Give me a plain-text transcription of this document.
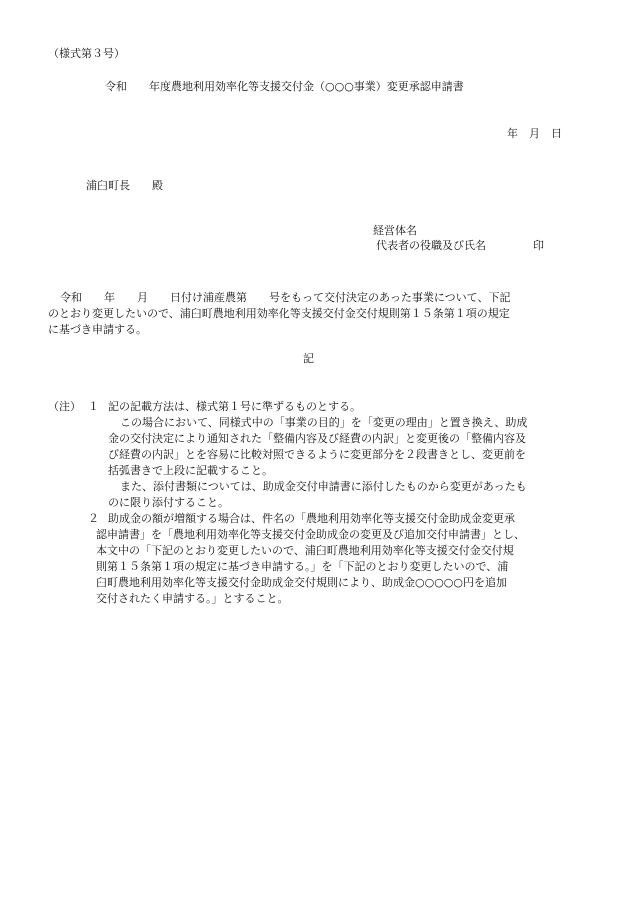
（様式第３号）
令和　　年度農地利用効率化等支援交付金（○○○事業）変更承認申請書
年　月　日
浦臼町長　　殿
経営体名
代表者の役職及び氏名	印
令和　　年　　月　　日付け浦産農第　　号をもって交付決定のあった事業について、下記
のとおり変更したいので、浦臼町農地利用効率化等支援交付金交付規則第１５条第１項の規定
に基づき申請する。
記
（注） １ 記の記載方法は、様式第１号に準ずるものとする。
この場合において、同様式中の「事業の目的」を「変更の理由」と置き換え、助成
金の交付決定により通知された「整備内容及び経費の内訳」と変更後の「整備内容及
び経費の内訳」とを容易に比較対照できるように変更部分を２段書きとし、変更前を
括弧書きで上段に記載すること。
また、添付書類については、助成金交付申請書に添付したものから変更があったも
のに限り添付すること。
２ 助成金の額が増額する場合は、件名の「農地利用効率化等支援交付金助成金変更承
認申請書」を「農地利用効率化等支援交付金助成金の変更及び追加交付申請書」とし、
本文中の「下記のとおり変更したいので、浦臼町農地利用効率化等支援交付金交付規
則第１５条第１項の規定に基づき申請する。」を「下記のとおり変更したいので、浦
臼町農地利用効率化等支援交付金助成金交付規則により、助成金○○○○○円を追加
交付されたく申請する。」とすること。
